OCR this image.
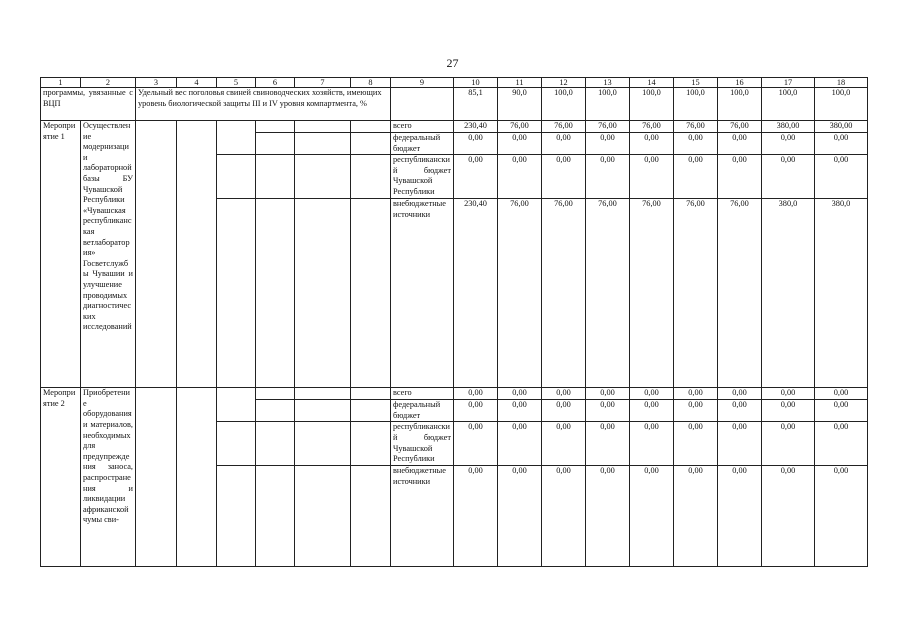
27
1	2	3	4	5	6	7	8	9	10	11	12	13	14	15	16	17	18
программы, увязанные с ВЦП		Удельный вес поголовья свиней свиноводческих хозяйств, имеющих уровень биологической защиты III и IV уровня компартмента, %							85,1	90,0	100,0	100,0	100,0	100,0	100,0	100,0	100,0
Мероприятие 1	Осуществление модернизации лабораторной базы БУ Чувашской Республики «Чувашская республиканская ветлаборатория» Госветслужбы Чувашии и улучшение проводимых диагностических исследований							всего	230,40	76,00	76,00	76,00	76,00	76,00	76,00	380,00	380,00
								федеральный бюджет	0,00	0,00	0,00	0,00	0,00	0,00	0,00	0,00	0,00
								республиканский бюджет Чувашской Республики	0,00	0,00	0,00	0,00	0,00	0,00	0,00	0,00	0,00
								внебюджетные источники	230,40	76,00	76,00	76,00	76,00	76,00	76,00	380,0	380,0
Мероприятие 2	Приобретение оборудования и материалов, необходимых для предупреждения заноса, распространения и ликвидации африканской чумы сви-							всего	0,00	0,00	0,00	0,00	0,00	0,00	0,00	0,00	0,00
								федеральный бюджет	0,00	0,00	0,00	0,00	0,00	0,00	0,00	0,00	0,00
								республиканский бюджет Чувашской Республики	0,00	0,00	0,00	0,00	0,00	0,00	0,00	0,00	0,00
								внебюджетные источники	0,00	0,00	0,00	0,00	0,00	0,00	0,00	0,00	0,00
